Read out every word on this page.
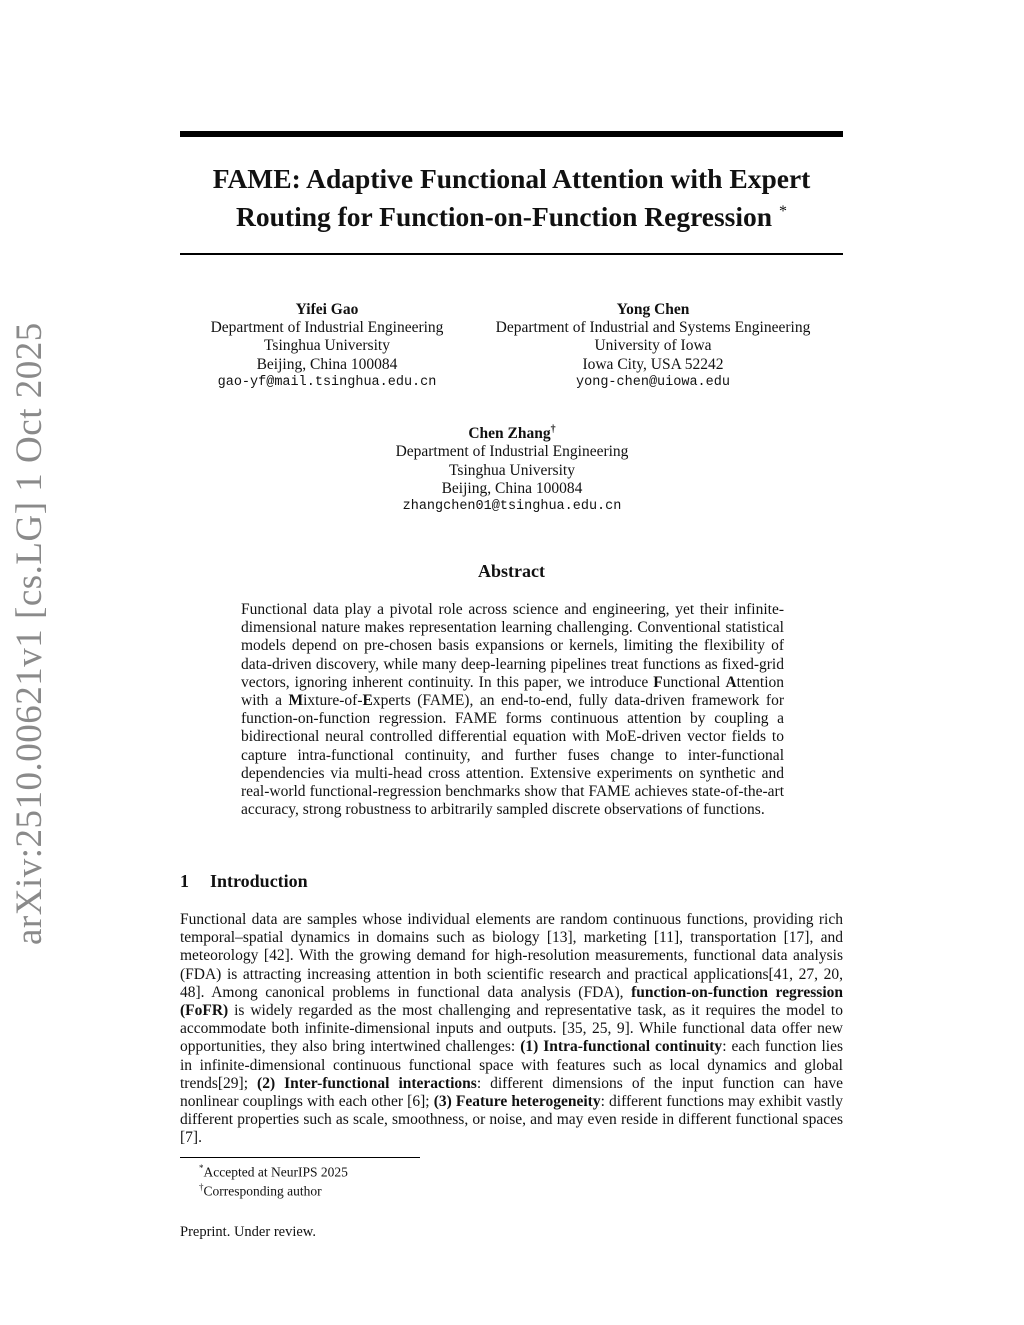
arXiv:2510.00621v1 [cs.LG] 1 Oct 2025
FAME: Adaptive Functional Attention with Expert
Routing for Function-on-Function Regression *
Yifei Gao
Department of Industrial Engineering
Tsinghua University
Beijing, China 100084
gao-yf@mail.tsinghua.edu.cn
Yong Chen
Department of Industrial and Systems Engineering
University of Iowa
Iowa City, USA 52242
yong-chen@uiowa.edu
Chen Zhang†
Department of Industrial Engineering
Tsinghua University
Beijing, China 100084
zhangchen01@tsinghua.edu.cn
Abstract

Functional data play a pivotal role across science and engineering, yet their infinite-dimensional nature makes representation learning challenging. Conventional statistical models depend on pre-chosen basis expansions or kernels, limiting the flexibility of data-driven discovery, while many deep-learning pipelines treat functions as fixed-grid vectors, ignoring inherent continuity. In this paper, we introduce Functional Attention with a Mixture-of-Experts (FAME), an end-to-end, fully data-driven framework for function-on-function regression. FAME forms continuous attention by coupling a bidirectional neural controlled differential equation with MoE-driven vector fields to capture intra-functional continuity, and further fuses change to inter-functional dependencies via multi-head cross attention. Extensive experiments on synthetic and real-world functional-regression benchmarks show that FAME achieves state-of-the-art accuracy, strong robustness to arbitrarily sampled discrete observations of functions.

1 Introduction

Functional data are samples whose individual elements are random continuous functions, providing rich temporal–spatial dynamics in domains such as biology [13], marketing [11], transportation [17], and meteorology [42]. With the growing demand for high-resolution measurements, functional data analysis (FDA) is attracting increasing attention in both scientific research and practical applications[41, 27, 20, 48]. Among canonical problems in functional data analysis (FDA), function-on-function regression (FoFR) is widely regarded as the most challenging and representative task, as it requires the model to accommodate both infinite-dimensional inputs and outputs. [35, 25, 9]. While functional data offer new opportunities, they also bring intertwined challenges: (1) Intra-functional continuity: each function lies in infinite-dimensional continuous functional space with features such as local dynamics and global trends[29]; (2) Inter-functional interactions: different dimensions of the input function can have nonlinear couplings with each other [6]; (3) Feature heterogeneity: different functions may exhibit vastly different properties such as scale, smoothness, or noise, and may even reside in different functional spaces [7].

*Accepted at NeurIPS 2025
†Corresponding author
Preprint. Under review.
